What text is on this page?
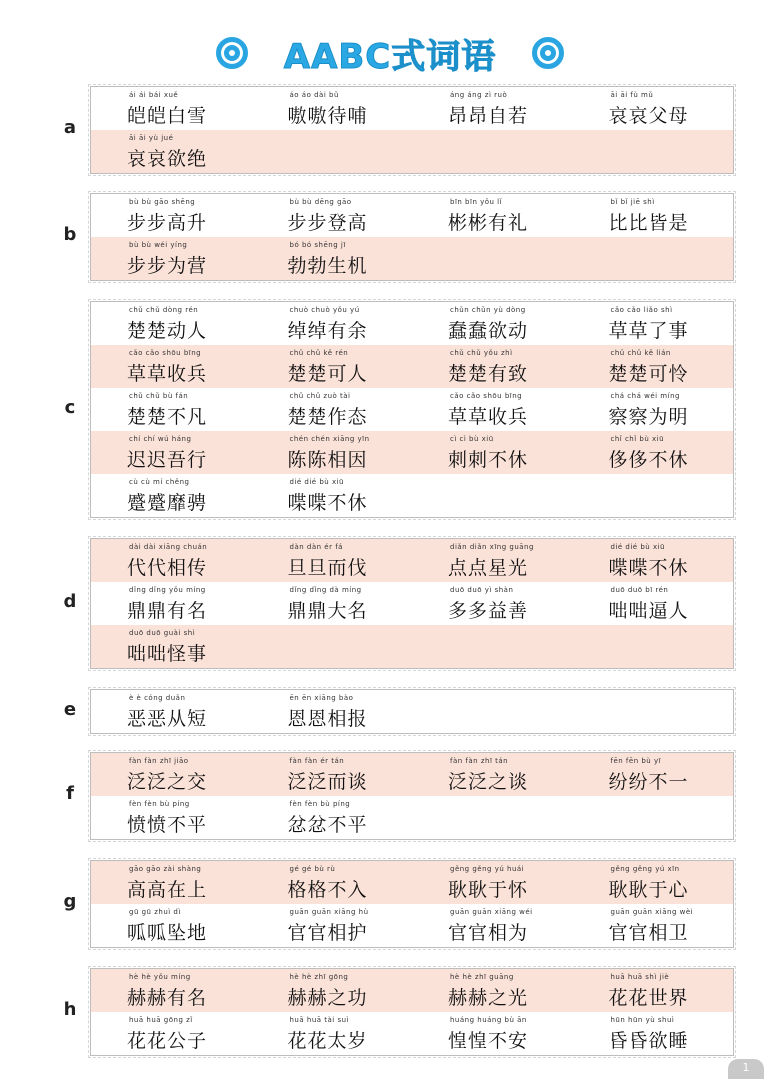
AABC式词语
a
ái ái bái xuě
皑皑白雪
áo áo dài bǔ
嗷嗷待哺
áng áng zì ruò
昂昂自若
āi āi fù mǔ
哀哀父母
āi āi yù jué
哀哀欲绝
b
bù bù gāo shēng
步步高升
bù bù dēng gāo
步步登高
bīn bīn yǒu lǐ
彬彬有礼
bǐ bǐ jiē shì
比比皆是
bù bù wéi yíng
步步为营
bó bó shēng jī
勃勃生机
c
chǔ chǔ dòng rén
楚楚动人
chuò chuò yǒu yú
绰绰有余
chǔn chǔn yù dòng
蠢蠢欲动
cǎo cǎo liǎo shì
草草了事
cǎo cǎo shōu bīng
草草收兵
chǔ chǔ kě rén
楚楚可人
chǔ chǔ yǒu zhì
楚楚有致
chǔ chǔ kě lián
楚楚可怜
chǔ chǔ bù fán
楚楚不凡
chǔ chǔ zuò tài
楚楚作态
cǎo cǎo shōu bīng
草草收兵
chá chá wéi míng
察察为明
chí chí wú háng
迟迟吾行
chén chén xiāng yīn
陈陈相因
cì cì bù xiū
刺刺不休
chǐ chǐ bù xiū
侈侈不休
cù cù mí chěng
蹙蹙靡骋
dié dié bù xiū
喋喋不休
d
dài dài xiāng chuán
代代相传
dàn dàn ér fá
旦旦而伐
diǎn diǎn xīng guāng
点点星光
dié dié bù xiū
喋喋不休
dǐng dǐng yǒu míng
鼎鼎有名
dǐng dǐng dà míng
鼎鼎大名
duō duō yì shàn
多多益善
duō duō bī rén
咄咄逼人
duō duō guài shì
咄咄怪事
e
è è cóng duǎn
恶恶从短
ēn ēn xiāng bào
恩恩相报
f
fàn fàn zhī jiāo
泛泛之交
fàn fàn ér tán
泛泛而谈
fàn fàn zhī tán
泛泛之谈
fēn fēn bù yī
纷纷不一
fèn fèn bù píng
愤愤不平
fèn fèn bù píng
忿忿不平
g
gāo gāo zài shàng
高高在上
gé gé bù rù
格格不入
gěng gěng yú huái
耿耿于怀
gěng gěng yú xīn
耿耿于心
gū gū zhuì dì
呱呱坠地
guān guān xiāng hù
官官相护
guān guān xiāng wéi
官官相为
guān guān xiāng wèi
官官相卫
h
hè hè yǒu míng
赫赫有名
hè hè zhī gōng
赫赫之功
hè hè zhī guāng
赫赫之光
huā huā shì jiè
花花世界
huā huā gōng zǐ
花花公子
huā huā tài suì
花花太岁
huáng huáng bù ān
惶惶不安
hūn hūn yù shuì
昏昏欲睡
1
